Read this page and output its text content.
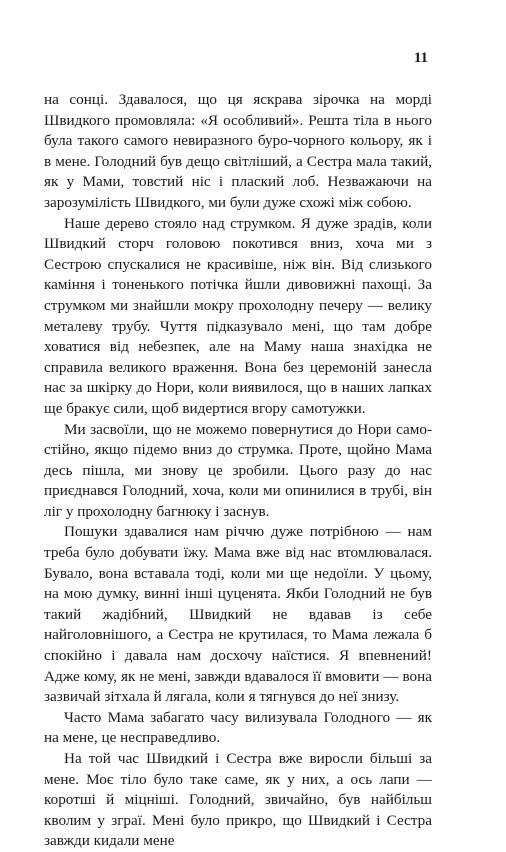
11

на сонці. Здавалося, що ця яскрава зірочка на морді Швидкого промовляла: «Я особливий». Решта тіла в нього була такого самого невиразного буро-чорного кольору, як і в мене. Голодний був дещо світліший, а Сестра мала такий, як у Мами, товстий ніс і плаский лоб. Незважаючи на зарозумілість Швидкого, ми були дуже схожі між собою.

Наше дерево стояло над струмком. Я дуже зрадів, коли Швидкий сторч головою покотився вниз, хоча ми з Сестрою спускалися не красивіше, ніж він. Від слизького каміння і тоненького потічка йшли дивовижні пахощі. За струмком ми знайшли мокру прохолодну печеру — велику металеву трубу. Чуття підказувало мені, що там добре ховатися від небезпек, але на Маму наша знахідка не справила великого враження. Вона без церемоній занесла нас за шкірку до Нори, коли виявилося, що в наших лапках ще бракує сили, щоб видертися вгору самотужки.

Ми засвоїли, що не можемо повернутися до Нори самостійно, якщо підемо вниз до струмка. Проте, щойно Мама десь пішла, ми знову це зробили. Цього разу до нас приєднався Голодний, хоча, коли ми опинилися в трубі, він ліг у прохолодну багнюку і заснув.

Пошуки здавалися нам річчю дуже потрібною — нам треба було добувати їжу. Мама вже від нас втомлювалася. Бувало, вона вставала тоді, коли ми ще недоїли. У цьому, на мою думку, винні інші цуценята. Якби Голодний не був такий жадібний, Швидкий не вдавав із себе найголовнішого, а Сестра не крутилася, то Мама лежала б спокійно і давала нам досхочу наїстися. Я впевнений! Адже кому, як не мені, завжди вдавалося її вмовити — вона зазвичай зітхала й лягала, коли я тягнувся до неї знизу.

Часто Мама забагато часу вилизувала Голодного — як на мене, це несправедливо.

На той час Швидкий і Сестра вже виросли більші за мене. Моє тіло було таке саме, як у них, а ось лапи — коротші й міцніші. Голодний, звичайно, був найбільш кволим у зграї. Мені було прикро, що Швидкий і Сестра завжди кидали мене
